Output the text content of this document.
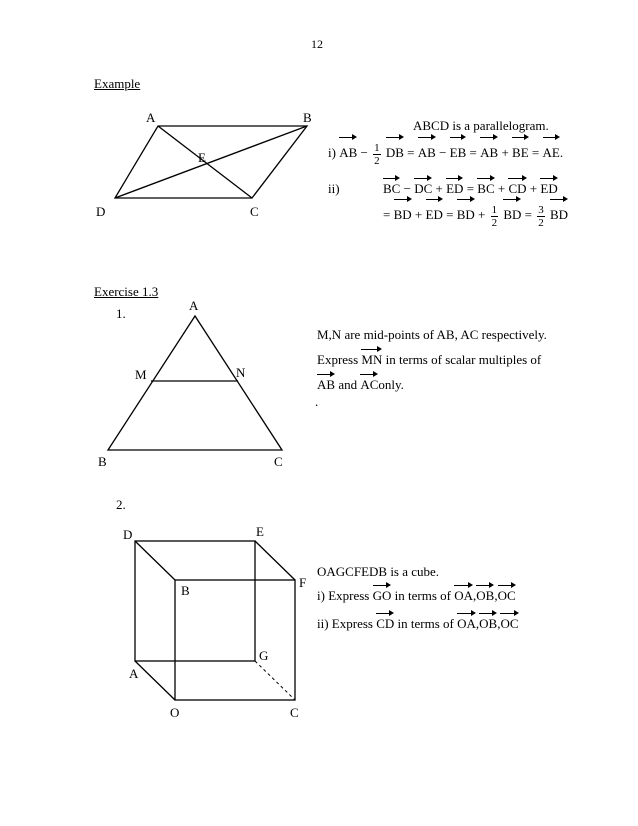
12
Example
A	B
D	C
E
ABCD is a parallelogram.
i) AB − $\frac{1}{2}$ DB = AB − EB = AB + BE = AE.
ii)	BC − DC + ED = BC + CD + ED
= BD + ED = BD + $\frac{1}{2}$ BD = $\frac{3}{2}$ BD
Exercise 1.3
1.
A
M	N
B	C
M,N are mid-points of AB, AC respectively.
Express MN in terms of scalar multiples of
AB and AConly.
.
2.
D	E
B
F
G
A
O	C
OAGCFEDB is a cube.
i) Express GO in terms of OA,OB,OC
ii) Express CD in terms of OA,OB,OC
